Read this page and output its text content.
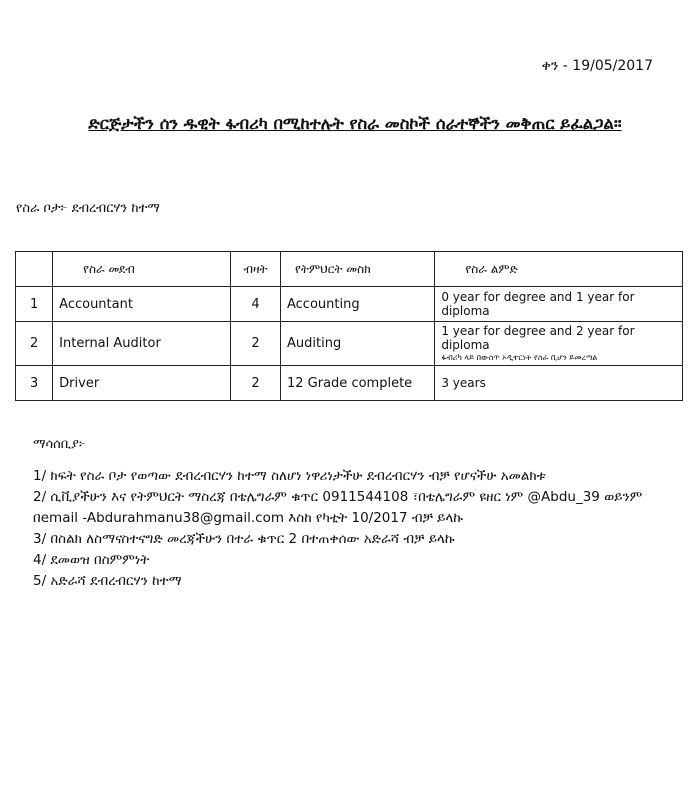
ቀን - 19/05/2017
ድርጅታችን ሰን ዱዊት ፋብሪካ በሚከተሉት የስራ መስኮች ሰራተኞችን መቅጠር ይፈልጋል።
የስራ ቦታ፦ ደብረብርሃን ከተማ
	የስራ መደብ	ብዛት	የትምህርት መስክ	የስራ ልምድ
1	Accountant	4	Accounting	0 year for degree and 1 year for diploma
2	Internal Auditor	2	Auditing	1 year for degree and 2 year for diploma
ፋብሪካ ላይ በውስጥ ኦዲተርነት የስራ ቢሆን ይመረጣል

3	Driver	2	12 Grade complete	3 years
ማሳሰቢያ፦

1/ ክፍት የስራ ቦታ የወጣው ደብረብርሃን ከተማ ስለሆነ ነዋሪነታችሁ ደብረብርሃን ብቻ የሆናችሁ አመልክቱ

2/ ሲቪያችሁን እና የትምህርት ማስረጃ በቴሌግራም ቁጥር 0911544108 ፣በቴሌግራም ዩዘር ነም @Abdu_39 ወይንም በemail -Abdurahmanu38@gmail.com እስከ የካቲት 10/2017 ብቻ ይላኩ

3/ በስልክ ለስማናስተናግድ መረጃችሁን በተራ ቁጥር 2 በተጠቀሰው አድራሻ ብቻ ይላኩ

4/ ደመወዝ በስምምነት

5/ አድራሻ ደብረብርሃን ከተማ
